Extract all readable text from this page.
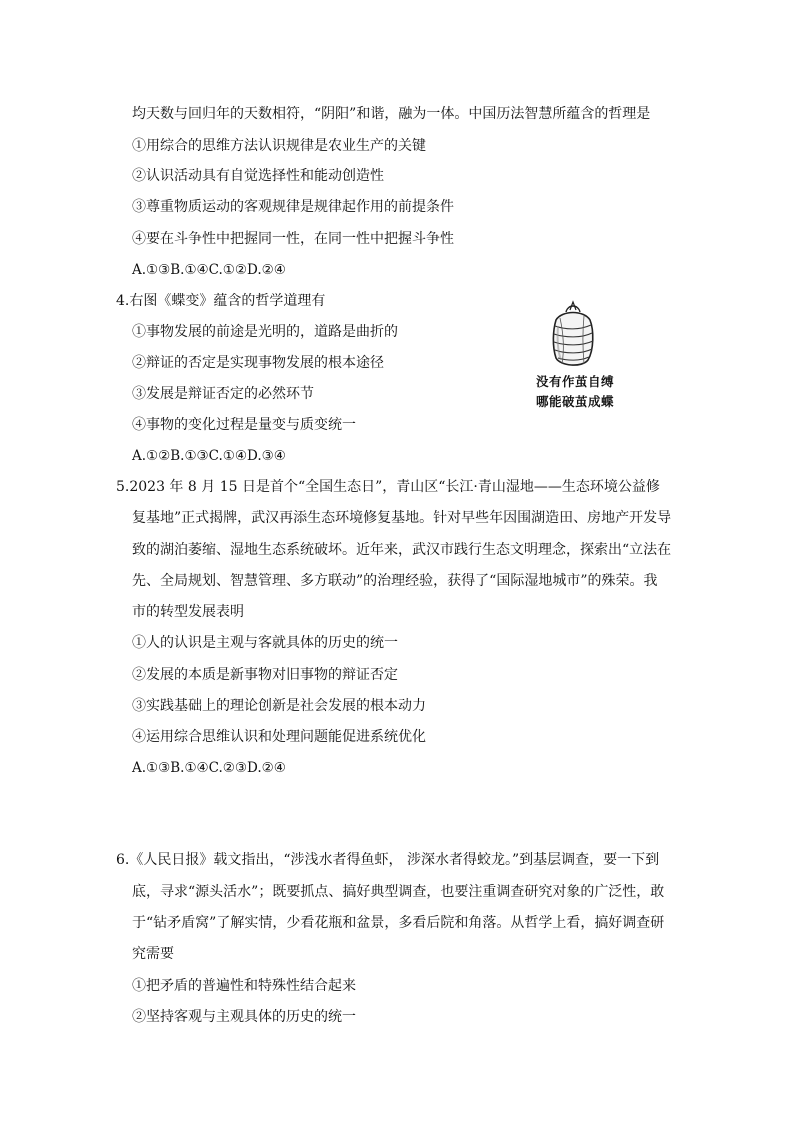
均天数与回归年的天数相符，“阴阳”和谐，融为一体。中国历法智慧所蕴含的哲理是
①用综合的思维方法认识规律是农业生产的关键
②认识活动具有自觉选择性和能动创造性
③尊重物质运动的客观规律是规律起作用的前提条件
④要在斗争性中把握同一性，在同一性中把握斗争性
A.①③B.①④C.①②D.②④
4.右图《蝶变》蕴含的哲学道理有
①事物发展的前途是光明的，道路是曲折的
②辩证的否定是实现事物发展的根本途径
③发展是辩证否定的必然环节
④事物的变化过程是量变与质变统一
A.①②B.①③C.①④D.③④
没有作茧自缚
哪能破茧成蝶
5.2023 年 8 月 15 日是首个“全国生态日”，青山区“长江·青山湿地——生态环境公益修
复基地”正式揭牌，武汉再添生态环境修复基地。针对早些年因围湖造田、房地产开发导
致的湖泊萎缩、湿地生态系统破坏。近年来，武汉市践行生态文明理念，探索出“立法在
先、全局规划、智慧管理、多方联动”的治理经验，获得了“国际湿地城市”的殊荣。我
市的转型发展表明
①人的认识是主观与客就具体的历史的统一
②发展的本质是新事物对旧事物的辩证否定
③实践基础上的理论创新是社会发展的根本动力
④运用综合思维认识和处理问题能促进系统优化
A.①③B.①④C.②③D.②④
6.《人民日报》载文指出，“涉浅水者得鱼虾， 涉深水者得蛟龙。”到基层调查，要一下到
底，寻求“源头活水”；既要抓点、搞好典型调查，也要注重调查研究对象的广泛性，敢
于“钻矛盾窝”了解实情，少看花瓶和盆景，多看后院和角落。从哲学上看，搞好调查研
究需要
①把矛盾的普遍性和特殊性结合起来
②坚持客观与主观具体的历史的统一
